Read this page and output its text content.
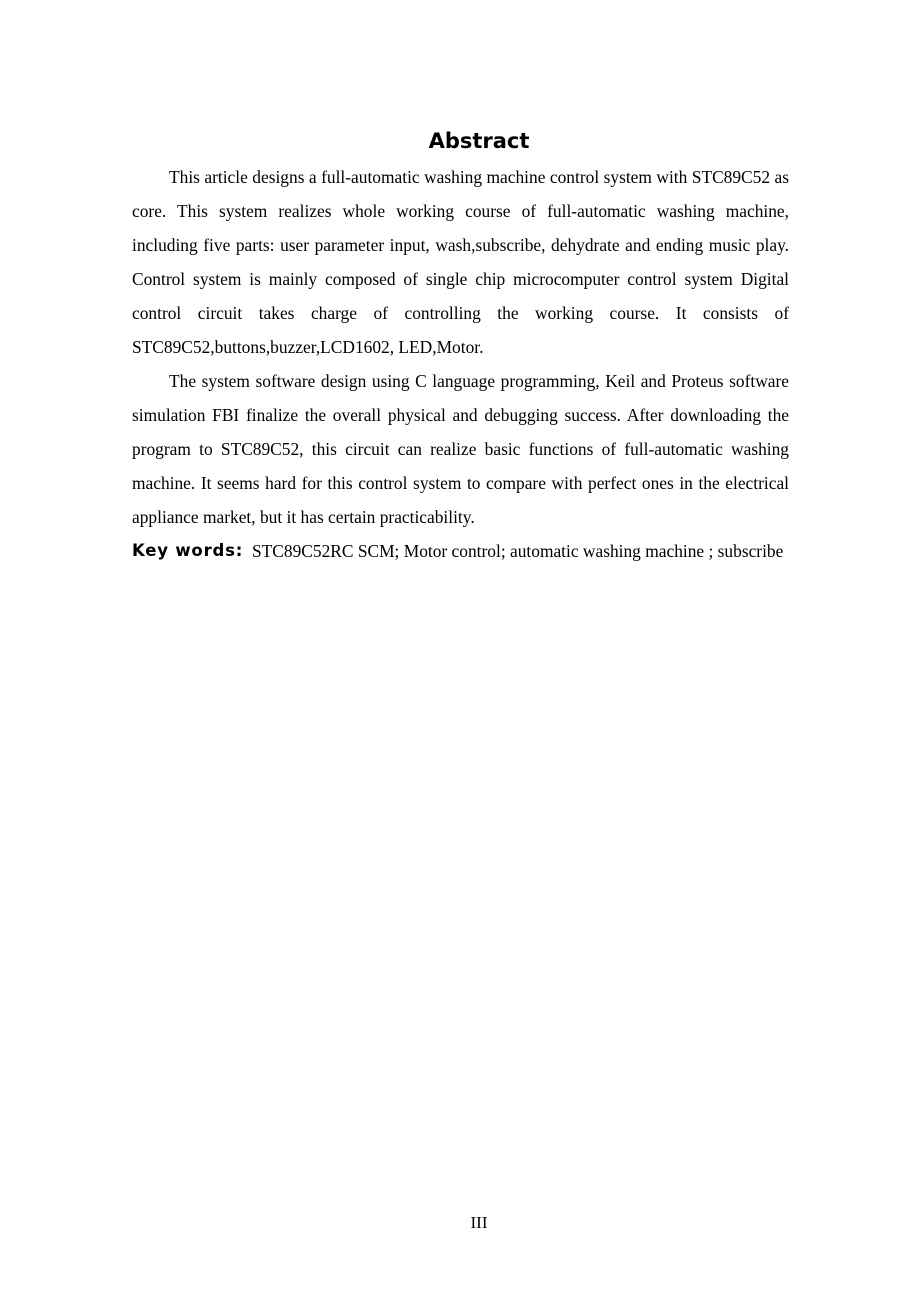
Abstract

This article designs a full-automatic washing machine control system with STC89C52 as core. This system realizes whole working course of full-automatic washing machine, including five parts: user parameter input, wash,subscribe, dehydrate and ending music play. Control system is mainly composed of single chip microcomputer control system Digital control circuit takes charge of controlling the working course. It consists of STC89C52,buttons,buzzer,LCD1602, LED,Motor.

The system software design using C language programming, Keil and Proteus software simulation FBI finalize the overall physical and debugging success. After downloading the program to STC89C52, this circuit can realize basic functions of full-automatic washing machine. It seems hard for this control system to compare with perfect ones in the electrical appliance market, but it has certain practicability.

Key words: STC89C52RC SCM; Motor control; automatic washing machine ; subscribe

III
